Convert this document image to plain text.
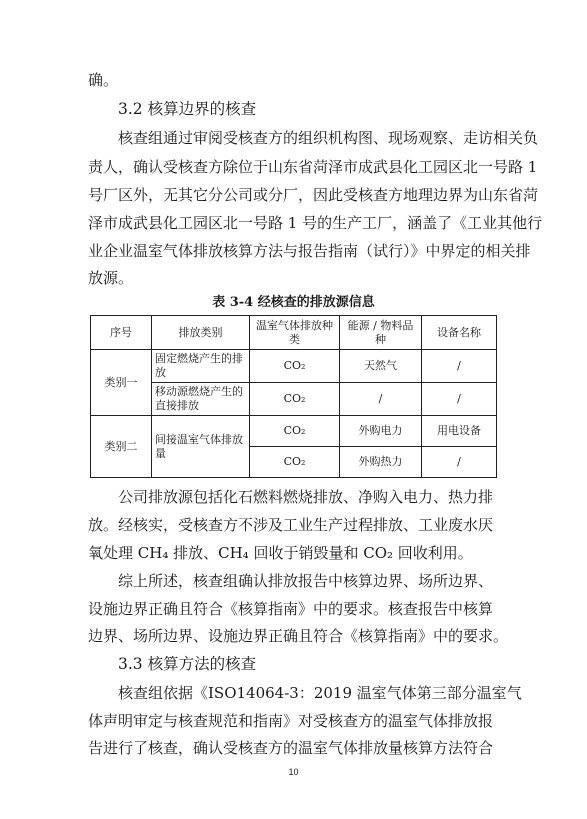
确。
3.2 核算边界的核查
核查组通过审阅受核查方的组织机构图、现场观察、走访相关负
责人，确认受核查方除位于山东省菏泽市成武县化工园区北一号路 1
号厂区外，无其它分公司或分厂，因此受核查方地理边界为山东省菏
泽市成武县化工园区北一号路 1 号的生产工厂，涵盖了《工业其他行
业企业温室气体排放核算方法与报告指南（试行）》中界定的相关排
放源。
表 3-4 经核查的排放源信息
序号	排放类别	温室气体排放种类	能源 / 物料品种	设备名称
类别一	固定燃烧产生的排放	CO₂	天然气	/
	移动源燃烧产生的直接排放	CO₂	/	/
类别二	间接温室气体排放量	CO₂	外购电力	用电设备
		CO₂	外购热力	/
公司排放源包括化石燃料燃烧排放、净购入电力、热力排
放。经核实，受核查方不涉及工业生产过程排放、工业废水厌
氧处理 CH₄ 排放、CH₄ 回收于销毁量和 CO₂ 回收利用。
综上所述，核查组确认排放报告中核算边界、场所边界、
设施边界正确且符合《核算指南》中的要求。核查报告中核算
边界、场所边界、设施边界正确且符合《核算指南》中的要求。
3.3 核算方法的核查
核查组依据《ISO14064-3：2019 温室气体第三部分温室气
体声明审定与核查规范和指南》对受核查方的温室气体排放报
告进行了核查，确认受核查方的温室气体排放量核算方法符合
10
